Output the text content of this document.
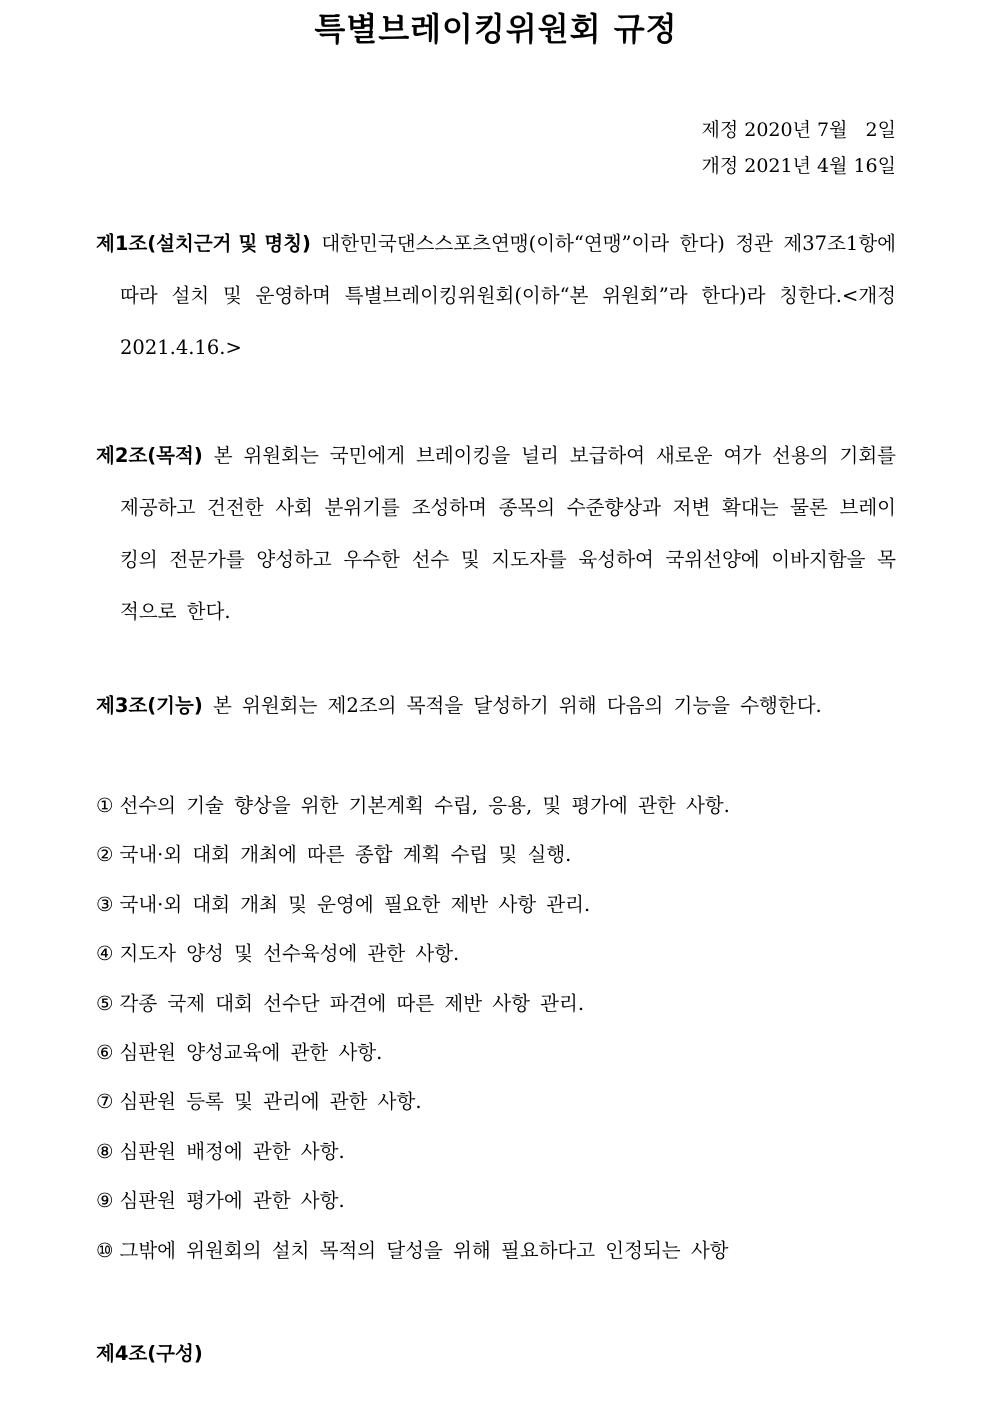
특별브레이킹위원회 규정
제정 2020년 7월   2일
개정 2021년 4월 16일
제1조(설치근거 및 명칭) 대한민국댄스스포츠연맹(이하“연맹”이라 한다) 정관 제37조1항에 따라 설치 및 운영하며 특별브레이킹위원회(이하“본 위원회”라 한다)라 칭한다.<개정 2021.4.16.>
제2조(목적) 본 위원회는 국민에게 브레이킹을 널리 보급하여 새로운 여가 선용의 기회를 제공하고 건전한 사회 분위기를 조성하며 종목의 수준향상과 저변 확대는 물론 브레이킹의 전문가를 양성하고 우수한 선수 및 지도자를 육성하여 국위선양에 이바지함을 목적으로 한다.
제3조(기능) 본 위원회는 제2조의 목적을 달성하기 위해 다음의 기능을 수행한다.
① 선수의 기술 향상을 위한 기본계획 수립, 응용, 및 평가에 관한 사항.
② 국내·외 대회 개최에 따른 종합 계획 수립 및 실행.
③ 국내·외 대회 개최 및 운영에 필요한 제반 사항 관리.
④ 지도자 양성 및 선수육성에 관한 사항.
⑤ 각종 국제 대회 선수단 파견에 따른 제반 사항 관리.
⑥ 심판원 양성교육에 관한 사항.
⑦ 심판원 등록 및 관리에 관한 사항.
⑧ 심판원 배정에 관한 사항.
⑨ 심판원 평가에 관한 사항.
⑩ 그밖에 위원회의 설치 목적의 달성을 위해 필요하다고 인정되는 사항
제4조(구성)
